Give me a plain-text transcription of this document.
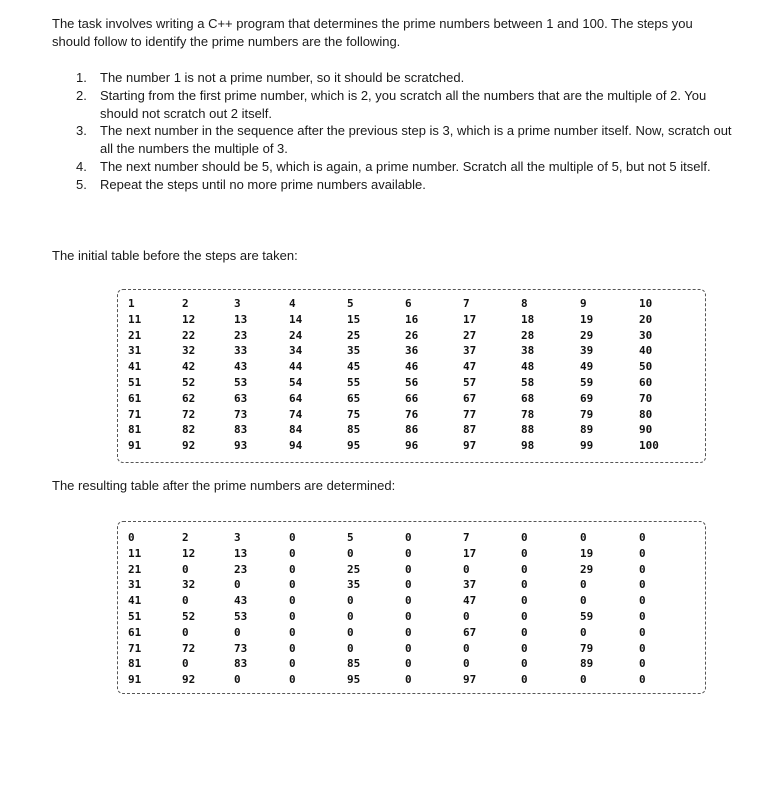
The task involves writing a C++ program that determines the prime numbers between 1 and 100. The steps you should follow to identify the prime numbers are the following.

1. The number 1 is not a prime number, so it should be scratched.
2. Starting from the first prime number, which is 2, you scratch all the numbers that are the multiple of 2. You should not scratch out 2 itself.
3. The next number in the sequence after the previous step is 3, which is a prime number itself. Now, scratch out all the numbers the multiple of 3.
4. The next number should be 5, which is again, a prime number. Scratch all the multiple of 5, but not 5 itself.
5. Repeat the steps until no more prime numbers available.

The initial table before the steps are taken:

1	2	3	4	5	6	7	8	9	10
11	12	13	14	15	16	17	18	19	20
21	22	23	24	25	26	27	28	29	30
31	32	33	34	35	36	37	38	39	40
41	42	43	44	45	46	47	48	49	50
51	52	53	54	55	56	57	58	59	60
61	62	63	64	65	66	67	68	69	70
71	72	73	74	75	76	77	78	79	80
81	82	83	84	85	86	87	88	89	90
91	92	93	94	95	96	97	98	99	100

The resulting table after the prime numbers are determined:

0	2	3	0	5	0	7	0	0	0
11	12	13	0	0	0	17	0	19	0
21	0	23	0	25	0	0	0	29	0
31	32	0	0	35	0	37	0	0	0
41	0	43	0	0	0	47	0	0	0
51	52	53	0	0	0	0	0	59	0
61	0	0	0	0	0	67	0	0	0
71	72	73	0	0	0	0	0	79	0
81	0	83	0	85	0	0	0	89	0
91	92	0	0	95	0	97	0	0	0
